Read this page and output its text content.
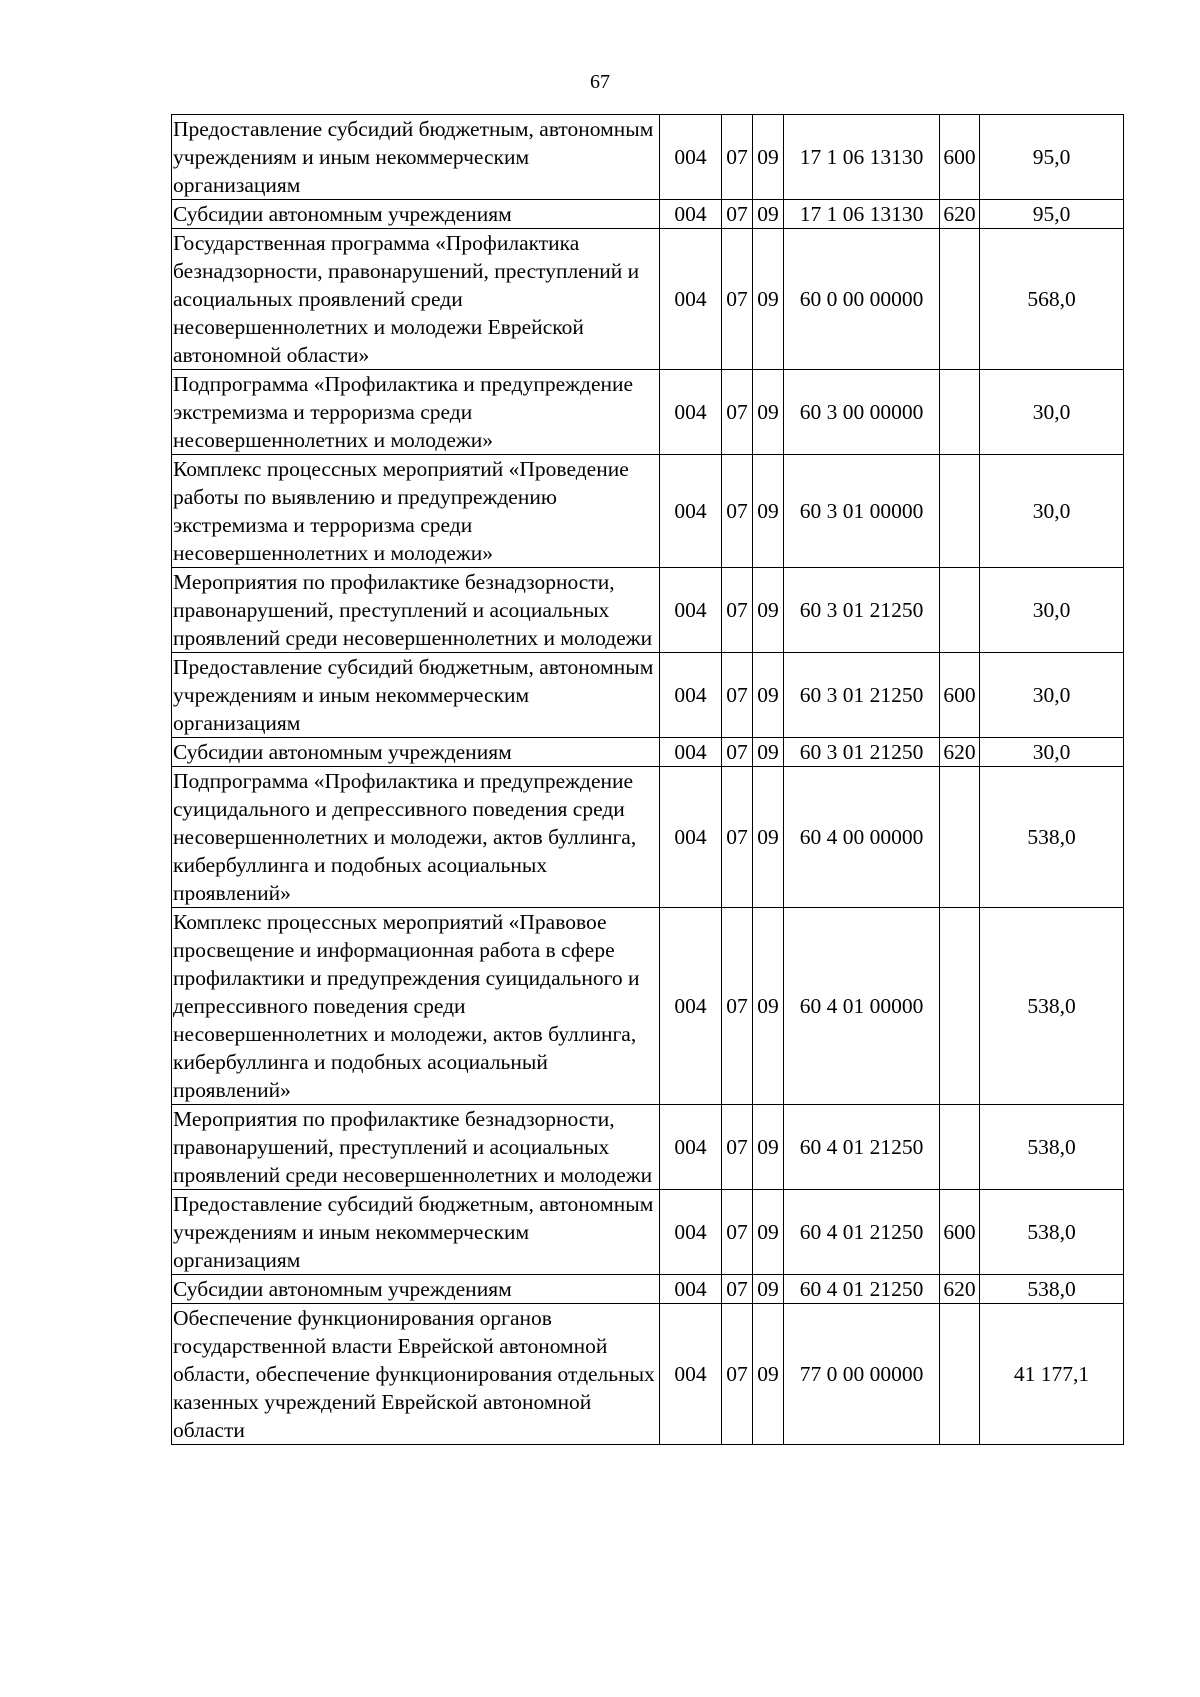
67
Предоставление субсидий бюджетным, автономным учреждениям и иным некоммерческим организациям	004	07	09	17 1 06 13130	600	95,0
Субсидии автономным учреждениям	004	07	09	17 1 06 13130	620	95,0
Государственная программа «Профилактика безнадзорности, правонарушений, преступлений и асоциальных проявлений среди несовершеннолетних и молодежи Еврейской автономной области»	004	07	09	60 0 00 00000		568,0
Подпрограмма «Профилактика и предупреждение экстремизма и терроризма среди несовершеннолетних и молодежи»	004	07	09	60 3 00 00000		30,0
Комплекс процессных мероприятий «Проведение работы по выявлению и предупреждению экстремизма и терроризма среди несовершеннолетних и молодежи»	004	07	09	60 3 01 00000		30,0
Мероприятия по профилактике безнадзорности, правонарушений, преступлений и асоциальных проявлений среди несовершеннолетних и молодежи	004	07	09	60 3 01 21250		30,0
Предоставление субсидий бюджетным, автономным учреждениям и иным некоммерческим организациям	004	07	09	60 3 01 21250	600	30,0
Субсидии автономным учреждениям	004	07	09	60 3 01 21250	620	30,0
Подпрограмма «Профилактика и предупреждение суицидального и депрессивного поведения среди несовершеннолетних и молодежи, актов буллинга, кибербуллинга и подобных асоциальных проявлений»	004	07	09	60 4 00 00000		538,0
Комплекс процессных мероприятий «Правовое просвещение и информационная работа в сфере профилактики и предупреждения суицидального и депрессивного поведения среди несовершеннолетних и молодежи, актов буллинга, кибербуллинга и подобных асоциальный проявлений»	004	07	09	60 4 01 00000		538,0
Мероприятия по профилактике безнадзорности, правонарушений, преступлений и асоциальных проявлений среди несовершеннолетних и молодежи	004	07	09	60 4 01 21250		538,0
Предоставление субсидий бюджетным, автономным учреждениям и иным некоммерческим организациям	004	07	09	60 4 01 21250	600	538,0
Субсидии автономным учреждениям	004	07	09	60 4 01 21250	620	538,0
Обеспечение функционирования органов государственной власти Еврейской автономной области, обеспечение функционирования отдельных казенных учреждений Еврейской автономной области	004	07	09	77 0 00 00000		41 177,1
